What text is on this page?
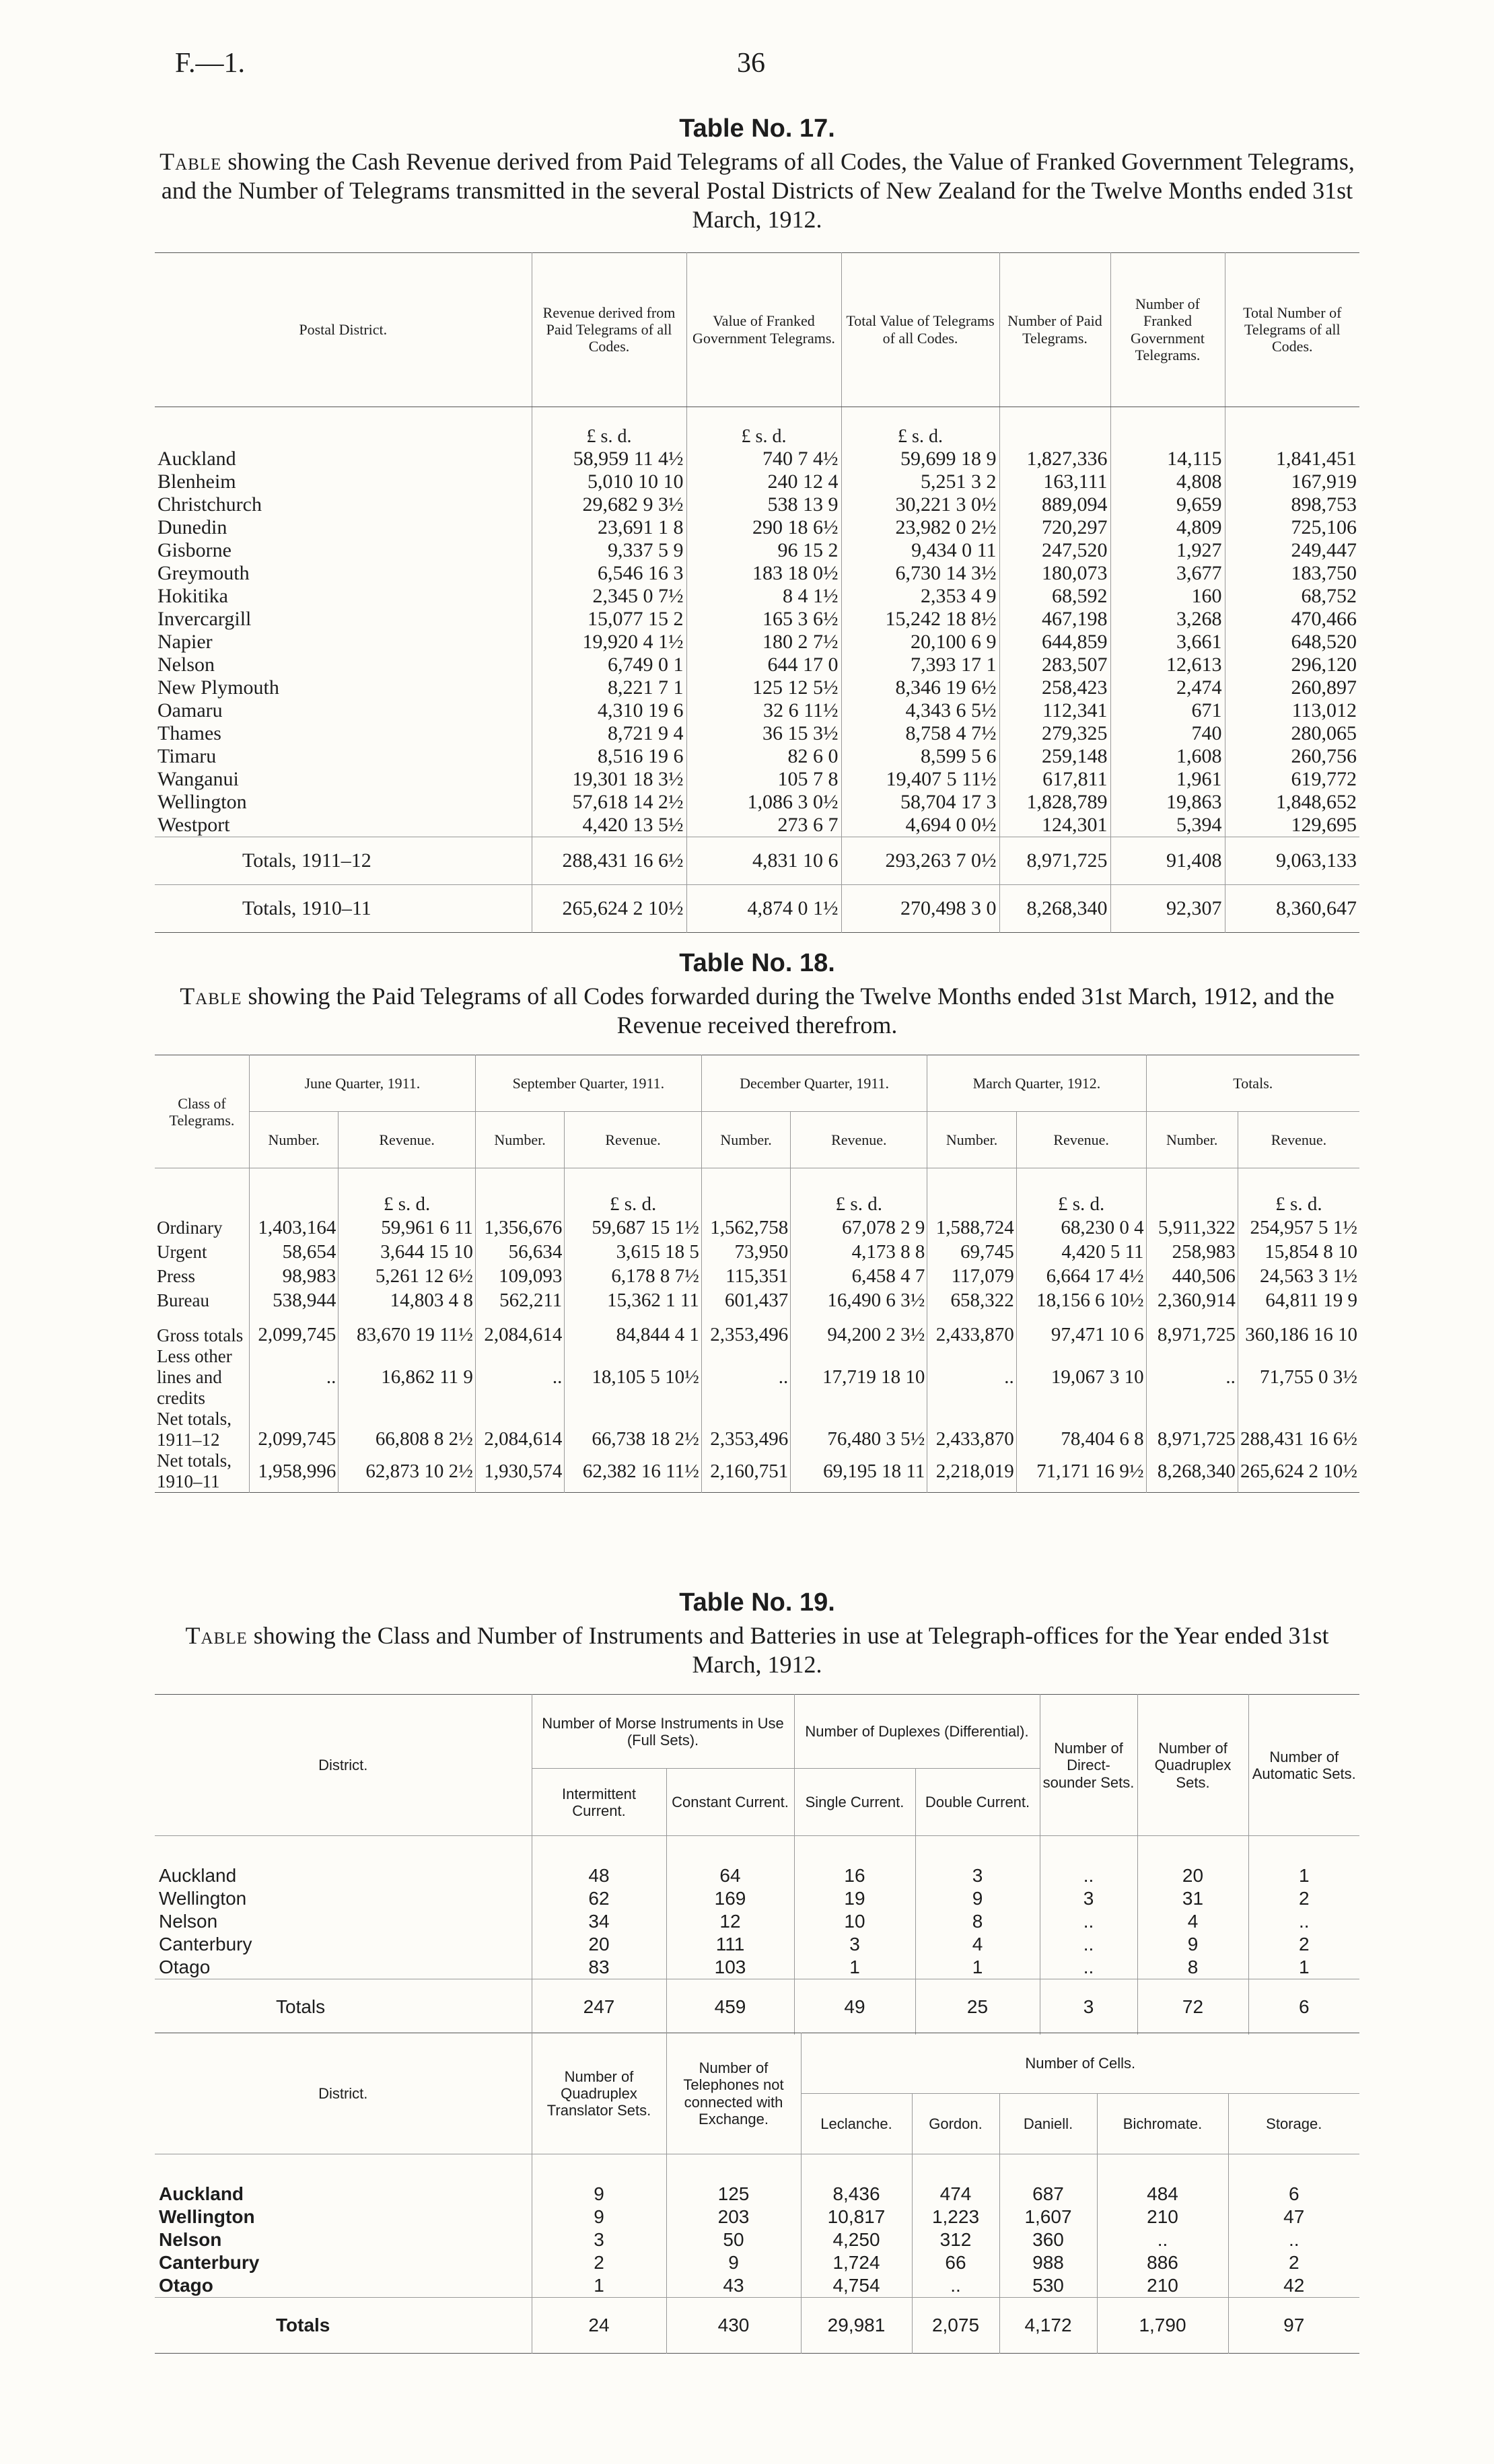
F.—1.	36
Table No. 17.
Table showing the Cash Revenue derived from Paid Telegrams of all Codes, the Value of Franked Government Telegrams, and the Number of Telegrams transmitted in the several Postal Districts of New Zealand for the Twelve Months ended 31st March, 1912.
Postal District.	Revenue derived from Paid Telegrams of all Codes.	Value of Franked Government Telegrams.	Total Value of Telegrams of all Codes.	Number of Paid Telegrams.	Number of Franked Government Telegrams.	Total Number of Telegrams of all Codes.
	£ s. d.	£ s. d.	£ s. d.			
Auckland	58,959 11 4½	740 7 4½	59,699 18 9	1,827,336	14,115	1,841,451
Blenheim	5,010 10 10	240 12 4	5,251 3 2	163,111	4,808	167,919
Christchurch	29,682 9 3½	538 13 9	30,221 3 0½	889,094	9,659	898,753
Dunedin	23,691 1 8	290 18 6½	23,982 0 2½	720,297	4,809	725,106
Gisborne	9,337 5 9	96 15 2	9,434 0 11	247,520	1,927	249,447
Greymouth	6,546 16 3	183 18 0½	6,730 14 3½	180,073	3,677	183,750
Hokitika	2,345 0 7½	8 4 1½	2,353 4 9	68,592	160	68,752
Invercargill	15,077 15 2	165 3 6½	15,242 18 8½	467,198	3,268	470,466
Napier	19,920 4 1½	180 2 7½	20,100 6 9	644,859	3,661	648,520
Nelson	6,749 0 1	644 17 0	7,393 17 1	283,507	12,613	296,120
New Plymouth	8,221 7 1	125 12 5½	8,346 19 6½	258,423	2,474	260,897
Oamaru	4,310 19 6	32 6 11½	4,343 6 5½	112,341	671	113,012
Thames	8,721 9 4	36 15 3½	8,758 4 7½	279,325	740	280,065
Timaru	8,516 19 6	82 6 0	8,599 5 6	259,148	1,608	260,756
Wanganui	19,301 18 3½	105 7 8	19,407 5 11½	617,811	1,961	619,772
Wellington	57,618 14 2½	1,086 3 0½	58,704 17 3	1,828,789	19,863	1,848,652
Westport	4,420 13 5½	273 6 7	4,694 0 0½	124,301	5,394	129,695
Totals, 1911–12	288,431 16 6½	4,831 10 6	293,263 7 0½	8,971,725	91,408	9,063,133
Totals, 1910–11	265,624 2 10½	4,874 0 1½	270,498 3 0	8,268,340	92,307	8,360,647
Table No. 18.
Table showing the Paid Telegrams of all Codes forwarded during the Twelve Months ended 31st March, 1912, and the Revenue received therefrom.
Class of Telegrams.	June Quarter, 1911.		September Quarter, 1911.		December Quarter, 1911.		March Quarter, 1912.		Totals.	
	Number.	Revenue.	Number.	Revenue.	Number.	Revenue.	Number.	Revenue.	Number.	Revenue.
		£ s. d.		£ s. d.		£ s. d.		£ s. d.		£ s. d.
Ordinary	1,403,164	59,961 6 11	1,356,676	59,687 15 1½	1,562,758	67,078 2 9	1,588,724	68,230 0 4	5,911,322	254,957 5 1½
Urgent	58,654	3,644 15 10	56,634	3,615 18 5	73,950	4,173 8 8	69,745	4,420 5 11	258,983	15,854 8 10
Press	98,983	5,261 12 6½	109,093	6,178 8 7½	115,351	6,458 4 7	117,079	6,664 17 4½	440,506	24,563 3 1½
Bureau	538,944	14,803 4 8	562,211	15,362 1 11	601,437	16,490 6 3½	658,322	18,156 6 10½	2,360,914	64,811 19 9
Gross totals	2,099,745	83,670 19 11½	2,084,614	84,844 4 1	2,353,496	94,200 2 3½	2,433,870	97,471 10 6	8,971,725	360,186 16 10
Less other lines and credits	..	16,862 11 9	..	18,105 5 10½	..	17,719 18 10	..	19,067 3 10	..	71,755 0 3½
Net totals, 1911–12	2,099,745	66,808 8 2½	2,084,614	66,738 18 2½	2,353,496	76,480 3 5½	2,433,870	78,404 6 8	8,971,725	288,431 16 6½
Net totals, 1910–11	1,958,996	62,873 10 2½	1,930,574	62,382 16 11½	2,160,751	69,195 18 11	2,218,019	71,171 16 9½	8,268,340	265,624 2 10½
Table No. 19.
Table showing the Class and Number of Instruments and Batteries in use at Telegraph-offices for the Year ended 31st March, 1912.
District.	Number of Morse Instruments in Use (Full Sets).		Number of Duplexes (Differential).		Number of Direct-sounder Sets.	Number of Quadruplex Sets.	Number of Automatic Sets.
	Intermittent Current.	Constant Current.	Single Current.	Double Current.			

Auckland	48	64	16	3	..	20	1
Wellington	62	169	19	9	3	31	2
Nelson	34	12	10	8	..	4	..
Canterbury	20	111	3	4	..	9	2
Otago	83	103	1	1	..	8	1
Totals	247	459	49	25	3	72	6
District.	Number of Quadruplex Translator Sets.	Number of Telephones not connected with Exchange.	Number of Cells.				
			Leclanche.	Gordon.	Daniell.	Bichromate.	Storage.

Auckland	9	125	8,436	474	687	484	6
Wellington	9	203	10,817	1,223	1,607	210	47
Nelson	3	50	4,250	312	360	..	..
Canterbury	2	9	1,724	66	988	886	2
Otago	1	43	4,754	..	530	210	42
Totals	24	430	29,981	2,075	4,172	1,790	97
